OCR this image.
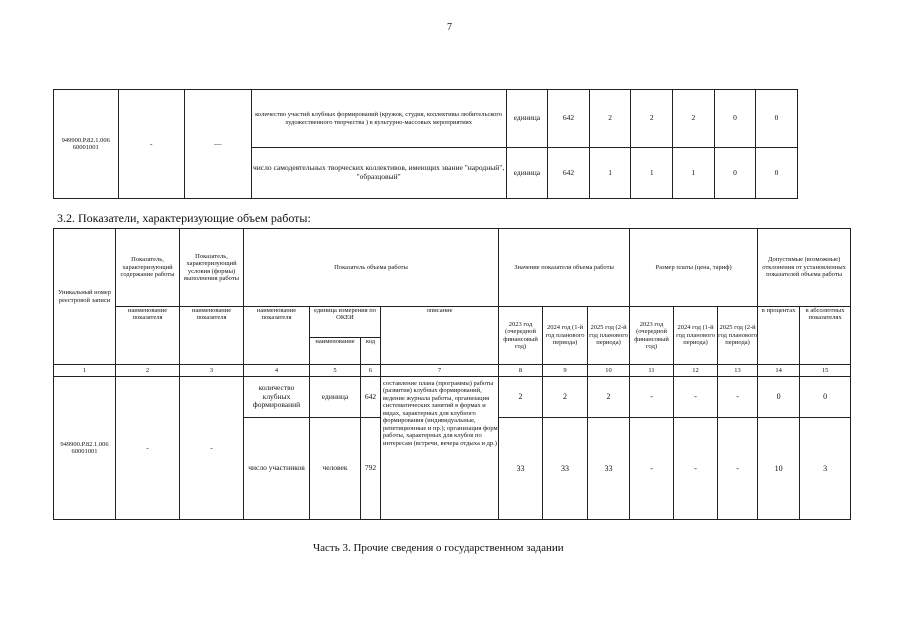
7
949900.Р.82.1.006 60001001	-	—	количество участий клубных формирований (кружок, студия, коллективы любительского художественного творчества ) в культурно-массовых мероприятиях	единица	642	2	2	2	0	0
			число самодеятельных творческих коллективов, имеющих звание "народный", "образцовый"	единица	642	1	1	1	0	0
3.2. Показатели, характеризующие объем работы:
Уникальный номер реестровой записи	Показатель, характеризующий содержание работы	Показатель, характеризующий условия (формы) выполнения работы	Показатель объема работы				Значение показателя объема работы			Размер платы (цена, тариф)			Допустимые (возможные) отклонения от установленных показателей объема работы	
	наименование показателя	наименование показателя	наименование показателя	единица измерения по ОКЕИ		описание	2023 год (очередной финансовый год)	2024 год (1-й год планового периода)	2025 год (2-й год планового периода)	2023 год (очередной финансовый год)	2024 год (1-й год планового периода)	2025 год (2-й год планового периода)	в процентах	в абсолютных показателях
				наименование	код									
1	2	3	4	5	6	7	8	9	10	11	12	13	14	15
949900.Р.82.1.006 60001001	-	-	количество клубных формирований	единица	642	составление плана (программы) работы (развития) клубных формирований, ведение журнала работы, организация систематических занятий в формах и видах, характерных для клубного формирования (индивидуальные, репетиционные и пр.); организация форм работы, характерных для клубов по интересам (встречи, вечера отдыха и др.)	2	2	2	-	-	-	0	0
			число участников	человек	792		33	33	33	-	-	-	10	3
Часть 3. Прочие сведения о государственном задании
